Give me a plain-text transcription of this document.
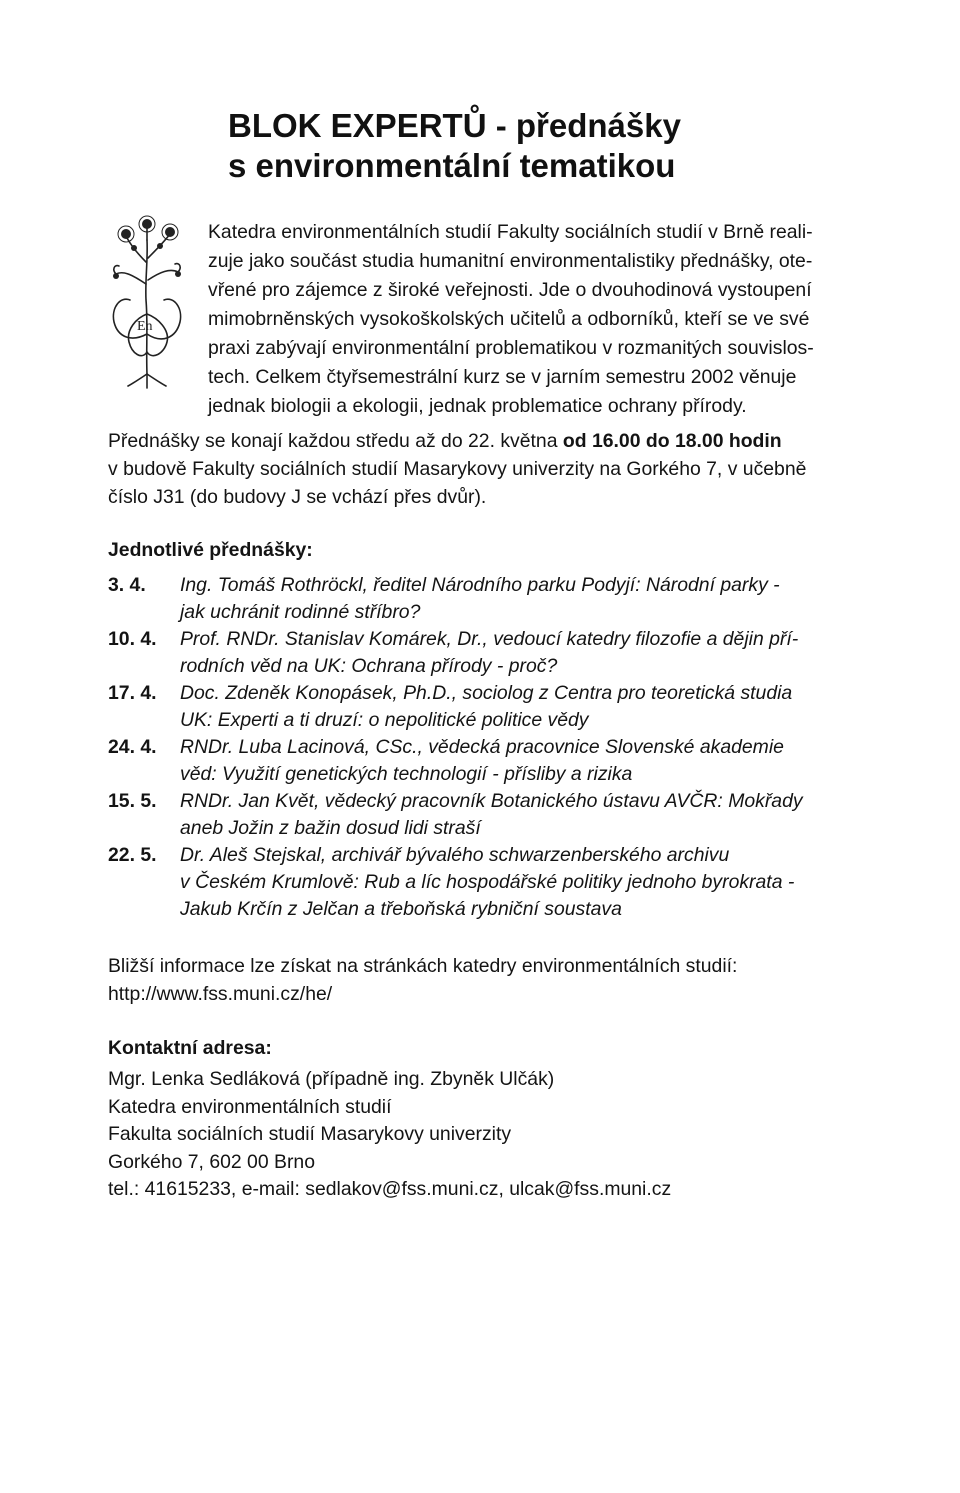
BLOK EXPERTŮ - přednášky
s environmentální tematikou
En

Katedra environmentálních studií Fakulty sociálních studií v Brně reali-
zuje jako součást studia humanitní environmentalistiky přednášky, ote-
vřené pro zájemce z široké veřejnosti. Jde o dvouhodinová vystoupení
mimobrněnských vysokoškolských učitelů a odborníků, kteří se ve své
praxi zabývají environmentální problematikou v rozmanitých souvislos-
tech. Celkem čtyřsemestrální kurz se v jarním semestru 2002 věnuje
jednak biologii a ekologii, jednak problematice ochrany přírody.

Přednášky se konají každou středu až do 22. května od 16.00 do 18.00 hodin
v budově Fakulty sociálních studií Masarykovy univerzity na Gorkého 7, v učebně
číslo J31 (do budovy J se vchází přes dvůr).

Jednotlivé přednášky:
3. 4.	Ing. Tomáš Rothröckl, ředitel Národního parku Podyjí: Národní parky -
jak uchránit rodinné stříbro?
10. 4.	Prof. RNDr. Stanislav Komárek, Dr., vedoucí katedry filozofie a dějin pří-
rodních věd na UK: Ochrana přírody - proč?
17. 4.	Doc. Zdeněk Konopásek, Ph.D., sociolog z Centra pro teoretická studia
UK: Experti a ti druzí: o nepolitické politice vědy
24. 4.	RNDr. Luba Lacinová, CSc., vědecká pracovnice Slovenské akademie
věd: Využití genetických technologií - přísliby a rizika
15. 5.	RNDr. Jan Květ, vědecký pracovník Botanického ústavu AVČR: Mokřady
aneb Jožin z bažin dosud lidi straší
22. 5.	Dr. Aleš Stejskal, archivář bývalého schwarzenberského archivu
v Českém Krumlově: Rub a líc hospodářské politiky jednoho byrokrata -
Jakub Krčín z Jelčan a třeboňská rybniční soustava

Bližší informace lze získat na stránkách katedry environmentálních studií:
http://www.fss.muni.cz/he/

Kontaktní adresa:

Mgr. Lenka Sedláková (případně ing. Zbyněk Ulčák)
Katedra environmentálních studií
Fakulta sociálních studií Masarykovy univerzity
Gorkého 7, 602 00 Brno
tel.: 41615233, e-mail: sedlakov@fss.muni.cz, ulcak@fss.muni.cz
